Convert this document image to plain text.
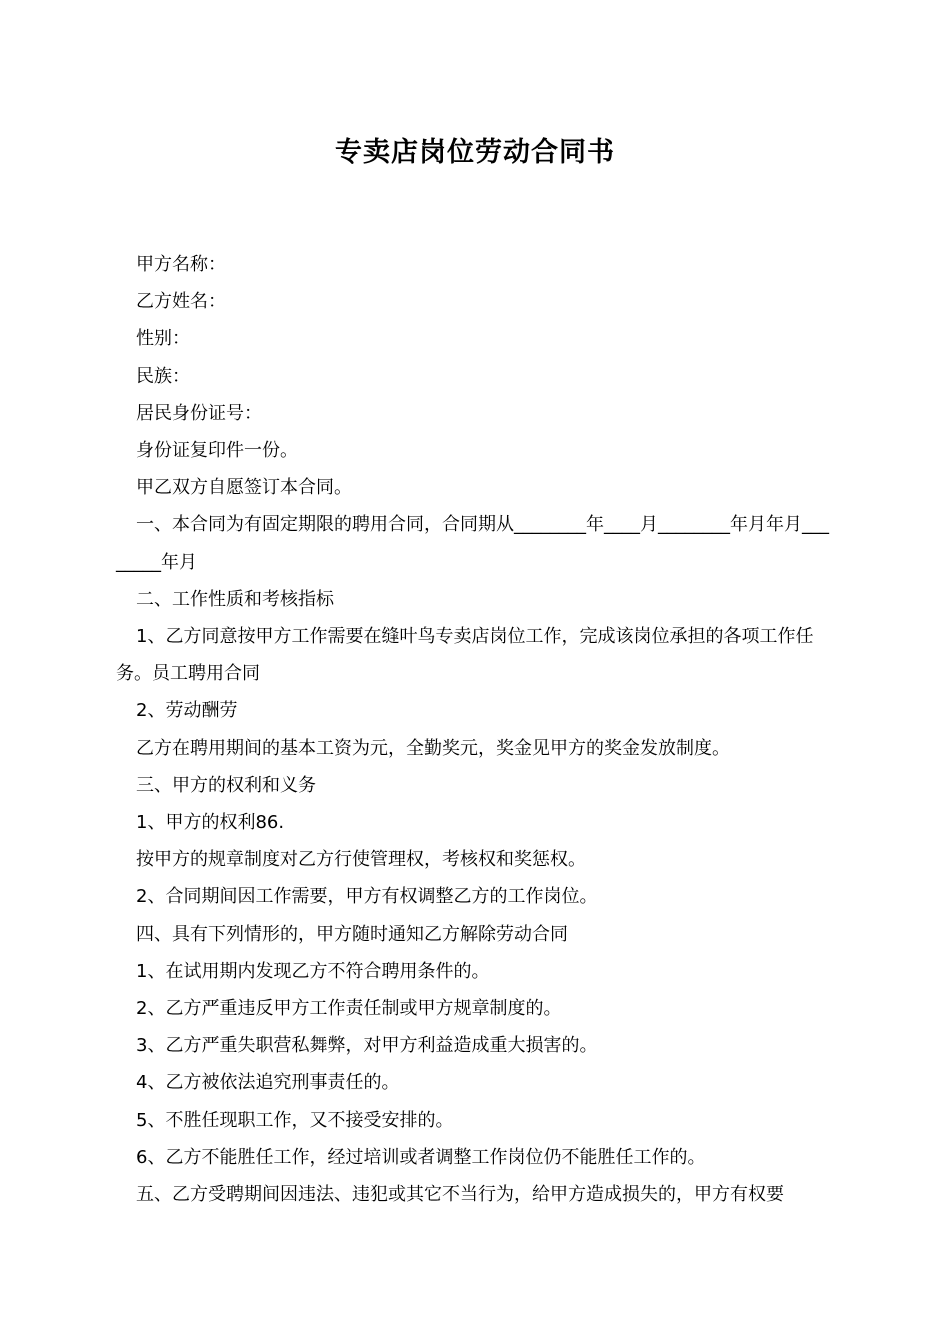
专卖店岗位劳动合同书

甲方名称：

乙方姓名：

性别：

民族：

居民身份证号：

身份证复印件一份。

甲乙双方自愿签订本合同。

一、本合同为有固定期限的聘用合同，合同期从________年____月________年月年月________年月

二、工作性质和考核指标

1、乙方同意按甲方工作需要在缝叶鸟专卖店岗位工作，完成该岗位承担的各项工作任务。员工聘用合同

2、劳动酬劳

乙方在聘用期间的基本工资为元，全勤奖元，奖金见甲方的奖金发放制度。

三、甲方的权利和义务

1、甲方的权利86.

按甲方的规章制度对乙方行使管理权，考核权和奖惩权。

2、合同期间因工作需要，甲方有权调整乙方的工作岗位。

四、具有下列情形的，甲方随时通知乙方解除劳动合同

1、在试用期内发现乙方不符合聘用条件的。

2、乙方严重违反甲方工作责任制或甲方规章制度的。

3、乙方严重失职营私舞弊，对甲方利益造成重大损害的。

4、乙方被依法追究刑事责任的。

5、不胜任现职工作，又不接受安排的。

6、乙方不能胜任工作，经过培训或者调整工作岗位仍不能胜任工作的。

五、乙方受聘期间因违法、违犯或其它不当行为，给甲方造成损失的，甲方有权要
